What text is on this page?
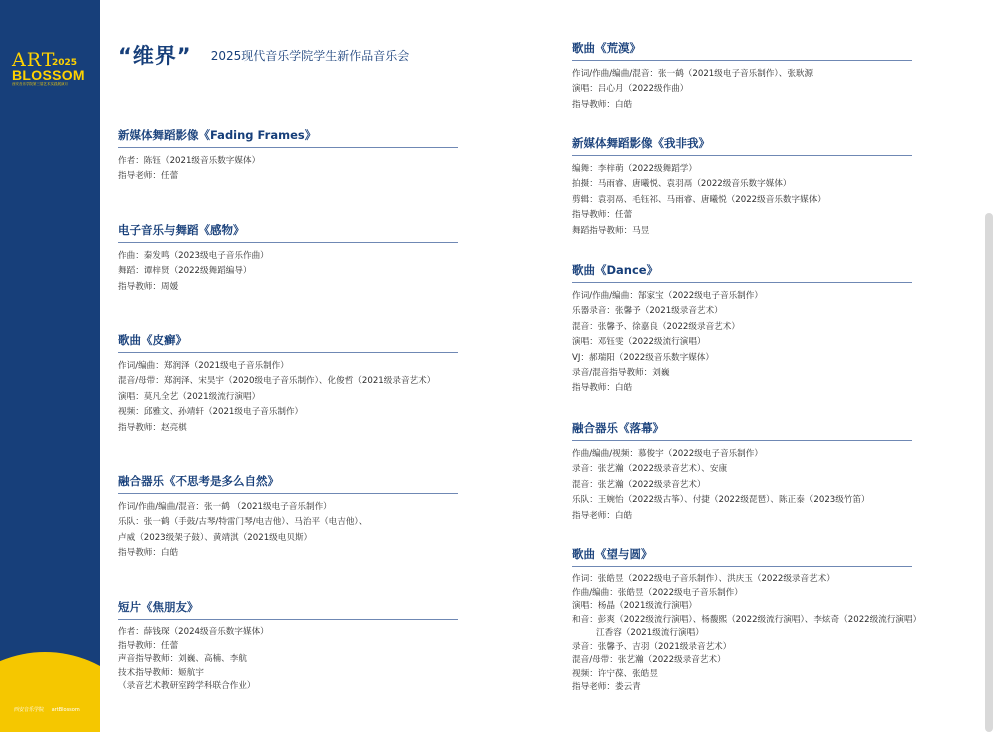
ART
2025
BLOSSOM
西安音乐学院第三届艺术实践展演月
西安音乐学院 artBlossom
“维界” $^{2025现代音乐学院学生新作品音乐会}$
新媒体舞蹈影像《Fading Frames》
作者：陈钰（2021级音乐数字媒体）
指导老师：任蕾
电子音乐与舞蹈《感物》
作曲：秦发鸣（2023级电子音乐作曲）
舞蹈：谭梓贤（2022级舞蹈编导）
指导教师：周媛
歌曲《皮癣》
作词/编曲：郑润泽（2021级电子音乐制作）
混音/母带：郑润泽、宋昊宇（2020级电子音乐制作）、化俊哲（2021级录音艺术）
演唱：莫凡全艺（2021级流行演唱）
视频：邱雅文、孙靖轩（2021级电子音乐制作）
指导教师：赵亮棋
融合器乐《不思考是多么自然》
作词/作曲/编曲/混音：张一鹤 （2021级电子音乐制作）
乐队：张一鹤（手鼓/古琴/特雷门琴/电吉他）、马治平（电吉他）、
卢威（2023级架子鼓）、黄靖淇（2021级电贝斯）
指导教师：白皓
短片《焦朋友》
作者：薛钱琛（2024级音乐数字媒体）
指导教师：任蕾
声音指导教师：刘巍、高楠、李航
技术指导教师：姬航宇
（录音艺术教研室跨学科联合作业）
歌曲《荒漠》
作词/作曲/编曲/混音：张一鹤（2021级电子音乐制作）、张耿源
演唱：吕心月（2022级作曲）
指导教师：白皓
新媒体舞蹈影像《我非我》
编舞：李梓萌（2022级舞蹈学）
拍摄：马雨睿、唐曦悦、袁羽鬲（2022级音乐数字媒体）
剪辑：袁羽鬲、毛钰祁、马雨睿、唐曦悦（2022级音乐数字媒体）
指导教师：任蕾
舞蹈指导教师：马昱
歌曲《Dance》
作词/作曲/编曲：郜家宝（2022级电子音乐制作）
乐器录音：张馨予（2021级录音艺术）
混音：张馨予、徐嘉良（2022级录音艺术）
演唱：邓钰雯（2022级流行演唱）
VJ：郝瑞阳（2022级音乐数字媒体）
录音/混音指导教师：刘巍
指导教师：白皓
融合器乐《落幕》
作曲/编曲/视频：慕俊宇（2022级电子音乐制作）
录音：张艺瀚（2022级录音艺术）、安康
混音：张艺瀚（2022级录音艺术）
乐队：王婉怡（2022级古筝）、付捷（2022级琵琶）、陈正泰（2023级竹笛）
指导老师：白皓
歌曲《望与圆》
作词：张皓昱（2022级电子音乐制作）、洪庆玉（2022级录音艺术）
作曲/编曲：张皓昱（2022级电子音乐制作）
演唱：杨晶（2021级流行演唱）
和音：彭爽（2022级流行演唱）、杨馥熙（2022级流行演唱）、李炫奇（2022级流行演唱）
江香容（2021级流行演唱）
录音：张馨予、吉羽（2021级录音艺术）
混音/母带：张艺瀚（2022级录音艺术）
视频：许宁葆、张皓昱
指导老师：娄云青
